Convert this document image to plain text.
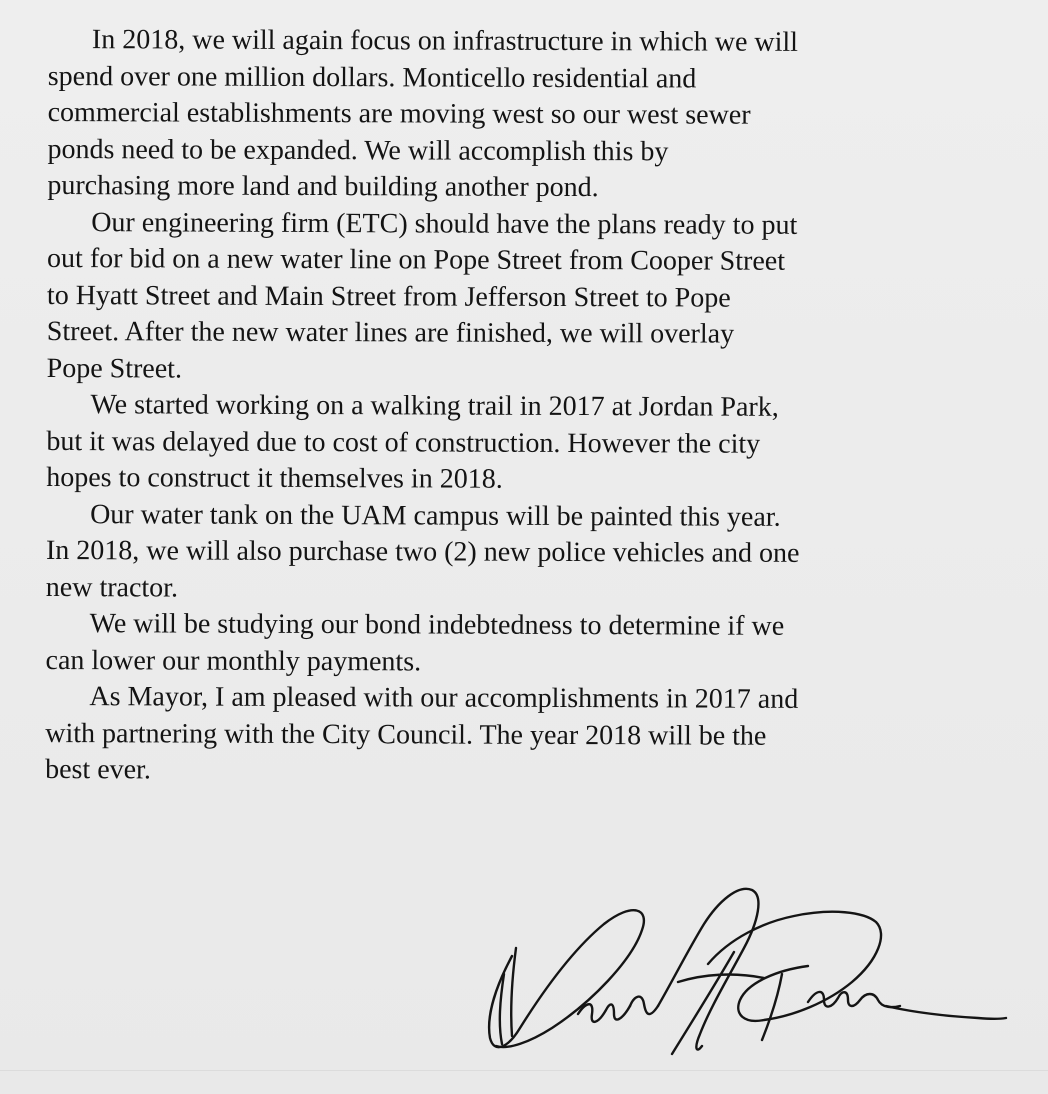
In 2018, we will again focus on infrastructure in which we will
spend over one million dollars. Monticello residential and
commercial establishments are moving west so our west sewer
ponds need to be expanded. We will accomplish this by
purchasing more land and building another pond.
Our engineering firm (ETC) should have the plans ready to put
out for bid on a new water line on Pope Street from Cooper Street
to Hyatt Street and Main Street from Jefferson Street to Pope
Street. After the new water lines are finished, we will overlay
Pope Street.
We started working on a walking trail in 2017 at Jordan Park,
but it was delayed due to cost of construction. However the city
hopes to construct it themselves in 2018.
Our water tank on the UAM campus will be painted this year.
In 2018, we will also purchase two (2) new police vehicles and one
new tractor.
We will be studying our bond indebtedness to determine if we
can lower our monthly payments.
As Mayor, I am pleased with our accomplishments in 2017 and
with partnering with the City Council. The year 2018 will be the
best ever.
